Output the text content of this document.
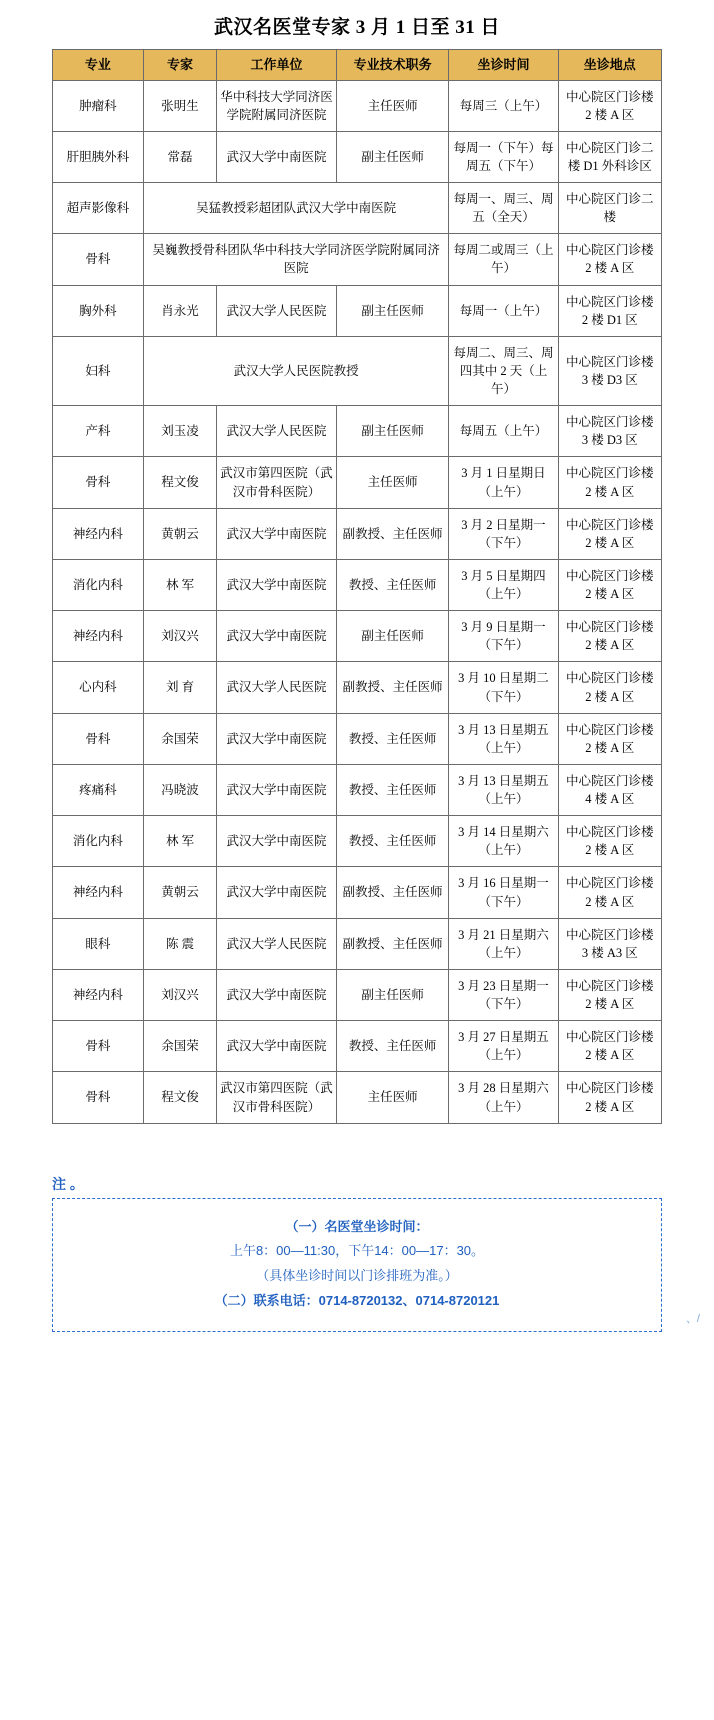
武汉名医堂专家 3 月 1 日至 31 日
专业	专家	工作单位	专业技术职务	坐诊时间	坐诊地点
肿瘤科	张明生	华中科技大学同济医学院附属同济医院	主任医师	每周三（上午）	中心院区门诊楼 2 楼 A 区
肝胆胰外科	常磊	武汉大学中南医院	副主任医师	每周一（下午）每周五（下午）	中心院区门诊二楼 D1 外科诊区
超声影像科	吴猛教授彩超团队武汉大学中南医院			每周一、周三、周五（全天）	中心院区门诊二楼
骨科	吴巍教授骨科团队华中科技大学同济医学院附属同济医院			每周二或周三（上午）	中心院区门诊楼 2 楼 A 区
胸外科	肖永光	武汉大学人民医院	副主任医师	每周一（上午）	中心院区门诊楼 2 楼 D1 区
妇科	武汉大学人民医院教授			每周二、周三、周四其中 2 天（上午）	中心院区门诊楼 3 楼 D3 区
产科	刘玉凌	武汉大学人民医院	副主任医师	每周五（上午）	中心院区门诊楼 3 楼 D3 区
骨科	程文俊	武汉市第四医院（武汉市骨科医院）	主任医师	3 月 1 日星期日（上午）	中心院区门诊楼 2 楼 A 区
神经内科	黄朝云	武汉大学中南医院	副教授、主任医师	3 月 2 日星期一（下午）	中心院区门诊楼 2 楼 A 区
消化内科	林 军	武汉大学中南医院	教授、主任医师	3 月 5 日星期四（上午）	中心院区门诊楼 2 楼 A 区
神经内科	刘汉兴	武汉大学中南医院	副主任医师	3 月 9 日星期一（下午）	中心院区门诊楼 2 楼 A 区
心内科	刘 育	武汉大学人民医院	副教授、主任医师	3 月 10 日星期二（下午）	中心院区门诊楼 2 楼 A 区
骨科	余国荣	武汉大学中南医院	教授、主任医师	3 月 13 日星期五（上午）	中心院区门诊楼 2 楼 A 区
疼痛科	冯晓波	武汉大学中南医院	教授、主任医师	3 月 13 日星期五（上午）	中心院区门诊楼 4 楼 A 区
消化内科	林 军	武汉大学中南医院	教授、主任医师	3 月 14 日星期六（上午）	中心院区门诊楼 2 楼 A 区
神经内科	黄朝云	武汉大学中南医院	副教授、主任医师	3 月 16 日星期一（下午）	中心院区门诊楼 2 楼 A 区
眼科	陈 震	武汉大学人民医院	副教授、主任医师	3 月 21 日星期六（上午）	中心院区门诊楼 3 楼 A3 区
神经内科	刘汉兴	武汉大学中南医院	副主任医师	3 月 23 日星期一（下午）	中心院区门诊楼 2 楼 A 区
骨科	余国荣	武汉大学中南医院	教授、主任医师	3 月 27 日星期五（上午）	中心院区门诊楼 2 楼 A 区
骨科	程文俊	武汉市第四医院（武汉市骨科医院）	主任医师	3 月 28 日星期六（上午）	中心院区门诊楼 2 楼 A 区
注 。
（一）名医堂坐诊时间：
上午8：00—11:30，下午14：00—17：30。
（具体坐诊时间以门诊排班为准。）
（二）联系电话：0714-8720132、0714-8720121
、/
